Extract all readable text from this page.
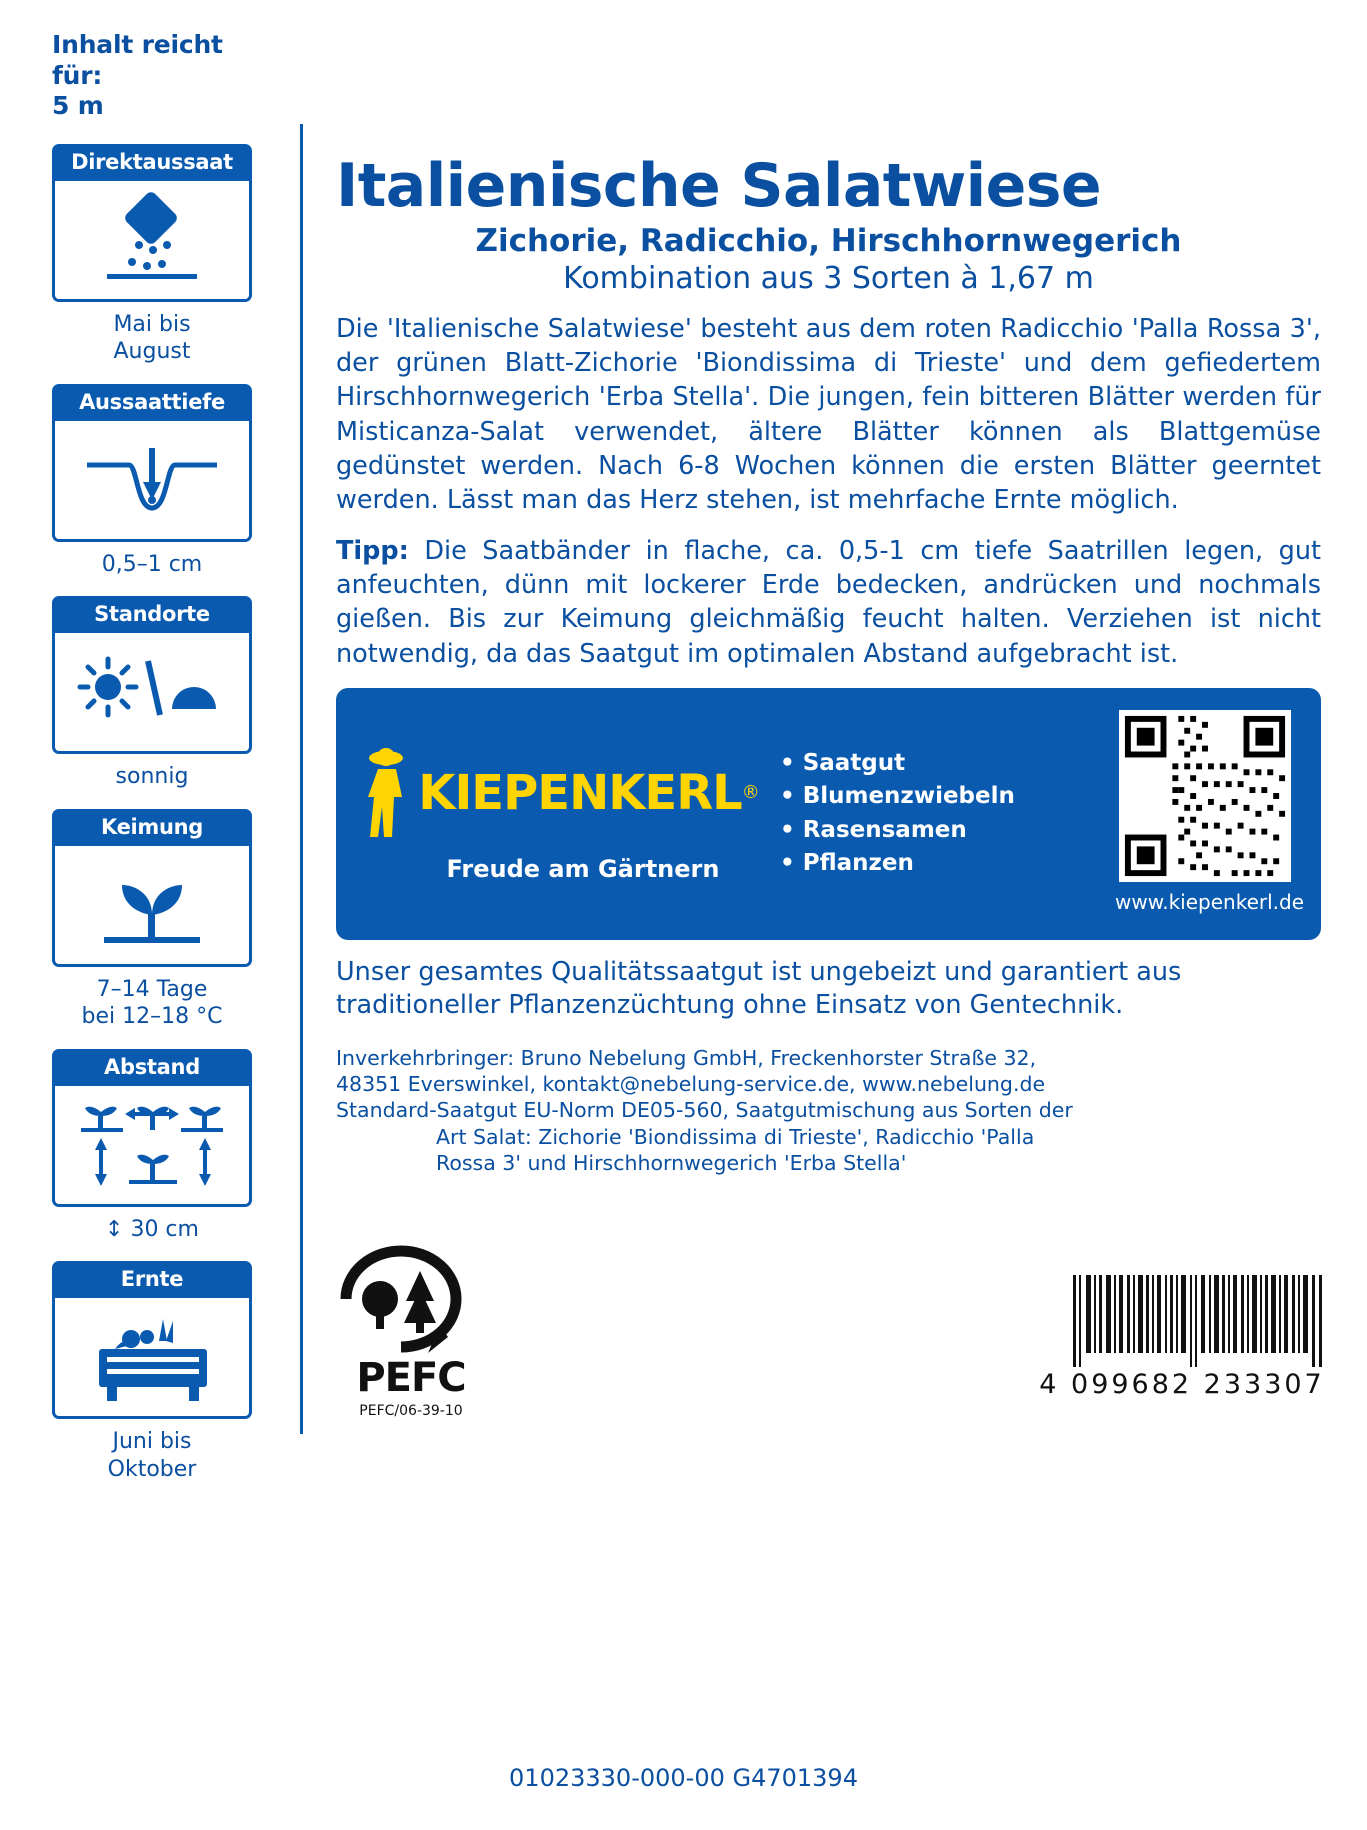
Inhalt reicht für:
5 m
Direktaussaat
Mai bis
August
Aussaattiefe
0,5–1 cm
Standorte
sonnig
Keimung
7–14 Tage
bei 12–18 °C
Abstand
↕ 30 cm
Ernte
Juni bis
Oktober
Italienische Salatwiese
Zichorie, Radicchio, Hirschhornwegerich
Kombination aus 3 Sorten à 1,67 m

Die 'Italienische Salatwiese' besteht aus dem roten Radicchio 'Palla Rossa 3', der grünen Blatt-Zichorie 'Biondissima di Trieste' und dem gefiedertem Hirschhornwegerich 'Erba Stella'. Die jungen, fein bitteren Blätter werden für Misticanza-Salat verwendet, ältere Blätter können als Blattgemüse gedünstet werden. Nach 6-8 Wochen können die ersten Blätter geerntet werden. Lässt man das Herz stehen, ist mehrfache Ernte möglich.

Tipp: Die Saatbänder in flache, ca. 0,5-1 cm tiefe Saatrillen legen, gut anfeuchten, dünn mit lockerer Erde bedecken, andrücken und nochmals gießen. Bis zur Keimung gleichmäßig feucht halten. Verziehen ist nicht notwendig, da das Saatgut im optimalen Abstand aufgebracht ist.

KIEPENKERL ®
Freude am Gärtnern
• Saatgut
• Blumenzwiebeln
• Rasensamen
• Pflanzen
www.kiepenkerl.de

Unser gesamtes Qualitätssaatgut ist ungebeizt und garantiert aus traditioneller Pflanzenzüchtung ohne Einsatz von Gentechnik.

Inverkehrbringer: Bruno Nebelung GmbH, Freckenhorster Straße 32,
48351 Everswinkel, kontakt@nebelung-service.de, www.nebelung.de
Standard-Saatgut EU-Norm DE05-560, Saatgutmischung aus Sorten der

Art Salat: Zichorie 'Biondissima di Trieste', Radicchio 'Palla
Rossa 3' und Hirschhornwegerich 'Erba Stella'

PEFC
PEFC/06-39-10
4 099682 233307
01023330-000-00 G4701394
